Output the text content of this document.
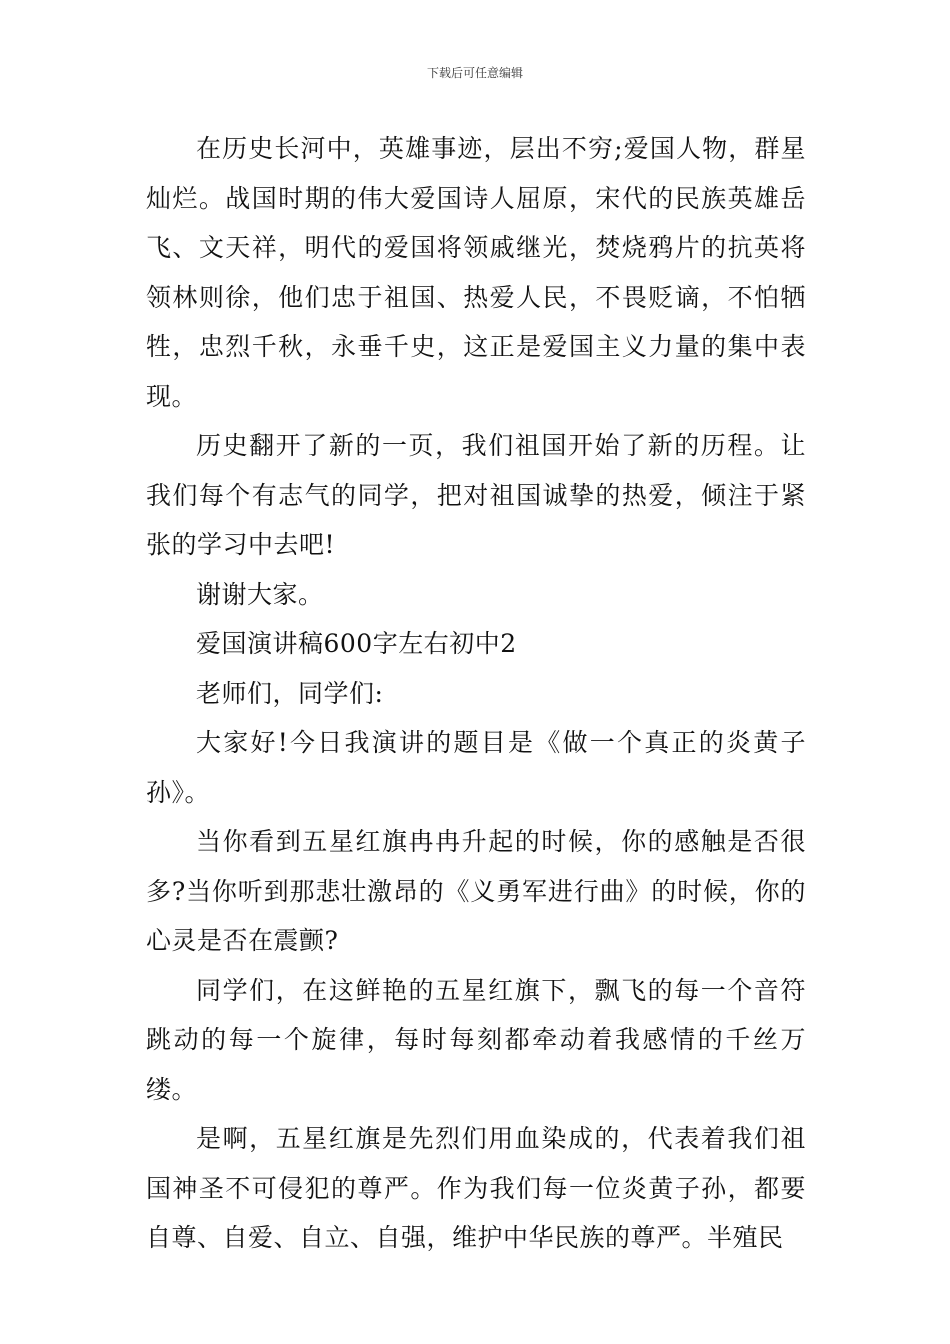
下载后可任意编辑

在历史长河中，英雄事迹，层出不穷;爱国人物，群星灿烂。战国时期的伟大爱国诗人屈原，宋代的民族英雄岳飞、文天祥，明代的爱国将领戚继光，焚烧鸦片的抗英将领林则徐，他们忠于祖国、热爱人民，不畏贬谪，不怕牺牲，忠烈千秋，永垂千史，这正是爱国主义力量的集中表现。

历史翻开了新的一页，我们祖国开始了新的历程。让我们每个有志气的同学，把对祖国诚挚的热爱，倾注于紧张的学习中去吧!

谢谢大家。

爱国演讲稿600字左右初中2

老师们，同学们:

大家好!今日我演讲的题目是《做一个真正的炎黄子孙》。

当你看到五星红旗冉冉升起的时候，你的感触是否很多?当你听到那悲壮激昂的《义勇军进行曲》的时候，你的心灵是否在震颤?

同学们，在这鲜艳的五星红旗下，飘飞的每一个音符跳动的每一个旋律，每时每刻都牵动着我感情的千丝万缕。

是啊，五星红旗是先烈们用血染成的，代表着我们祖国神圣不可侵犯的尊严。作为我们每一位炎黄子孙，都要自尊、自爱、自立、自强，维护中华民族的尊严。半殖民
